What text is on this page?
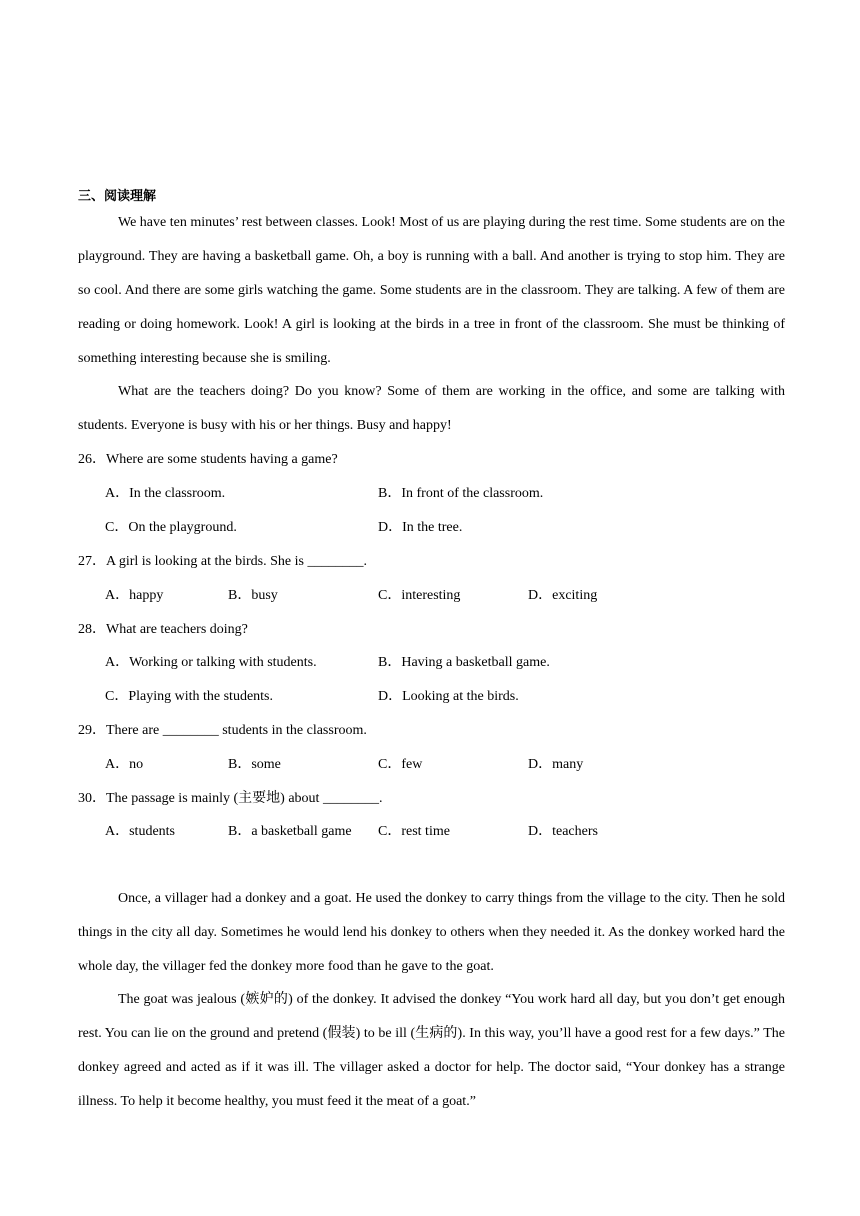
三、阅读理解
We have ten minutes’ rest between classes. Look! Most of us are playing during the rest time. Some students are on the playground. They are having a basketball game. Oh, a boy is running with a ball. And another is trying to stop him. They are so cool. And there are some girls watching the game. Some students are in the classroom. They are talking. A few of them are reading or doing homework. Look! A girl is looking at the birds in a tree in front of the classroom. She must be thinking of something interesting because she is smiling.
What are the teachers doing? Do you know? Some of them are working in the office, and some are talking with students. Everyone is busy with his or her things. Busy and happy!
26．Where are some students having a game?
A．In the classroom.	B．In front of the classroom.
C．On the playground.	D．In the tree.
27．A girl is looking at the birds. She is ________.
A．happy	B．busy	C．interesting	D．exciting
28．What are teachers doing?
A．Working or talking with students.	B．Having a basketball game.
C．Playing with the students.	D．Looking at the birds.
29．There are ________ students in the classroom.
A．no	B．some	C．few	D．many
30．The passage is mainly (主要地) about ________.
A．students	B．a basketball game C．rest time	D．teachers
Once, a villager had a donkey and a goat. He used the donkey to carry things from the village to the city. Then he sold things in the city all day. Sometimes he would lend his donkey to others when they needed it. As the donkey worked hard the whole day, the villager fed the donkey more food than he gave to the goat.
The goat was jealous (嫉妒的) of the donkey. It advised the donkey “You work hard all day, but you don’t get enough rest. You can lie on the ground and pretend (假装) to be ill (生病的). In this way, you’ll have a good rest for a few days.” The donkey agreed and acted as if it was ill. The villager asked a doctor for help. The doctor said, “Your donkey has a strange illness. To help it become healthy, you must feed it the meat of a goat.”
